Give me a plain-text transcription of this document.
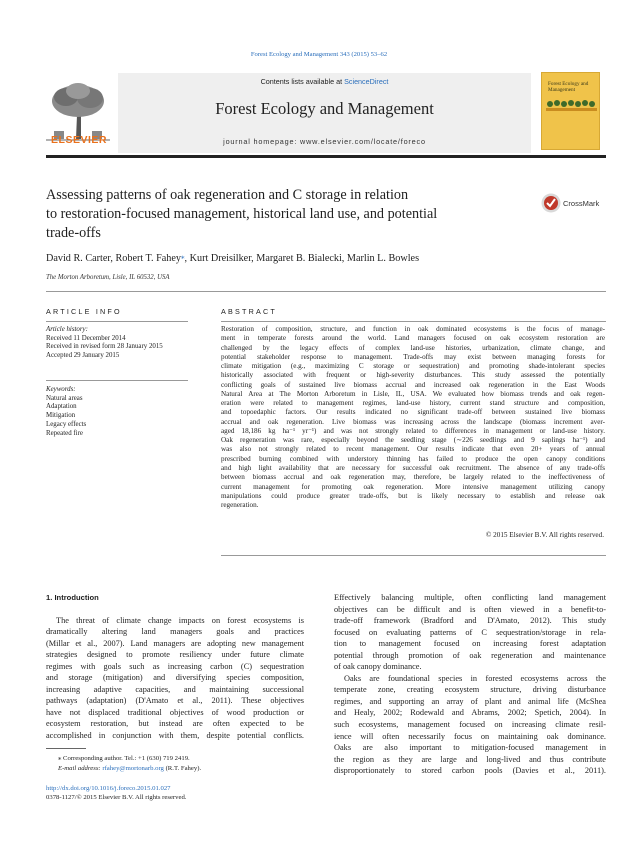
Forest Ecology and Management 343 (2015) 53–62
ELSEVIER
Contents lists available at ScienceDirect
Forest Ecology and Management
journal homepage: www.elsevier.com/locate/foreco
Forest Ecology and Management
Assessing patterns of oak regeneration and C storage in relation
to restoration-focused management, historical land use, and potential
trade-offs
CrossMark
David R. Carter, Robert T. Fahey⁎, Kurt Dreisilker, Margaret B. Bialecki, Marlin L. Bowles
The Morton Arboretum, Lisle, IL 60532, USA
ARTICLE INFO	ABSTRACT
Article history:
Received 11 December 2014
Received in revised form 28 January 2015
Accepted 29 January 2015
Keywords:
Natural areas
Adaptation
Mitigation
Legacy effects
Repeated fire
Restoration of composition, structure, and function in oak dominated ecosystems is the focus of manage-
ment in temperate forests around the world. Land managers focused on oak ecosystem restoration are
challenged by the legacy effects of complex land-use histories, urbanization, climate change, and
potential stakeholder response to management. Trade-offs may exist between managing forests for
climate mitigation (e.g., maximizing C storage or sequestration) and promoting shade-intolerant species
historically associated with frequent or high-severity disturbances. This study assessed the potentially
conflicting goals of sustained live biomass accrual and increased oak regeneration in the East Woods
Natural Area at The Morton Arboretum in Lisle, IL, USA. We evaluated how biomass trends and oak regen-
eration were related to management regimes, land-use history, current stand structure and composition,
and topoedaphic factors. Our results indicated no significant trade-off between sustained live biomass
accrual and oak regeneration. Live biomass was increasing across the landscape (biomass increment aver-
aged 18,186 kg ha⁻¹ yr⁻¹) and was not strongly related to differences in management or land-use history.
Oak regeneration was rare, especially beyond the seedling stage (∼226 seedlings and 9 saplings ha⁻¹) and
was also not strongly related to recent management. Our results indicate that even 20+ years of annual
prescribed burning combined with understory thinning has failed to produce the open canopy conditions
and high light availability that are necessary for successful oak recruitment. The absence of any trade-offs
between biomass accrual and oak regeneration may, therefore, be largely related to the ineffectiveness of
current management for promoting oak regeneration. More intensive management utilizing canopy
manipulations could produce greater trade-offs, but is likely necessary to establish and release oak
regeneration.
© 2015 Elsevier B.V. All rights reserved.
1. Introduction
The threat of climate change impacts on forest ecosystems is
dramatically altering land managers goals and practices
(Millar et al., 2007). Land managers are adopting new management
strategies designed to promote resiliency under future climate
regimes with goals such as increasing carbon (C) sequestration
and storage (mitigation) and diversifying species composition,
increasing adaptive capacities, and maintaining successional
pathways (adaptation) (D'Amato et al., 2011). These objectives
have not displaced traditional objectives of wood production or
ecosystem restoration, but instead are often expected to be
accomplished in conjunction with them, despite potential conflicts.
Effectively balancing multiple, often conflicting land management
objectives can be difficult and is often viewed in a benefit-to-
trade-off framework (Bradford and D'Amato, 2012). This study
focused on evaluating patterns of C sequestration/storage in rela-
tion to management focused on increasing forest adaptation
potential through promotion of oak regeneration and maintenance
of oak canopy dominance.
Oaks are foundational species in forested ecosystems across the
temperate zone, creating ecosystem structure, driving disturbance
regimes, and supporting an array of plant and animal life (McShea
and Healy, 2002; Rodewald and Abrams, 2002; Spetich, 2004). In
such ecosystems, management focused on increasing climate resil-
ience will often necessarily focus on maintaining oak dominance.
Oaks are also important to mitigation-focused management in
the region as they are large and long-lived and thus contribute
disproportionately to stored carbon pools (Davies et al., 2011).
⁎ Corresponding author. Tel.: +1 (630) 719 2419.
E-mail address: rfahey@mortonarb.org (R.T. Fahey).
http://dx.doi.org/10.1016/j.foreco.2015.01.027
0378-1127/© 2015 Elsevier B.V. All rights reserved.
